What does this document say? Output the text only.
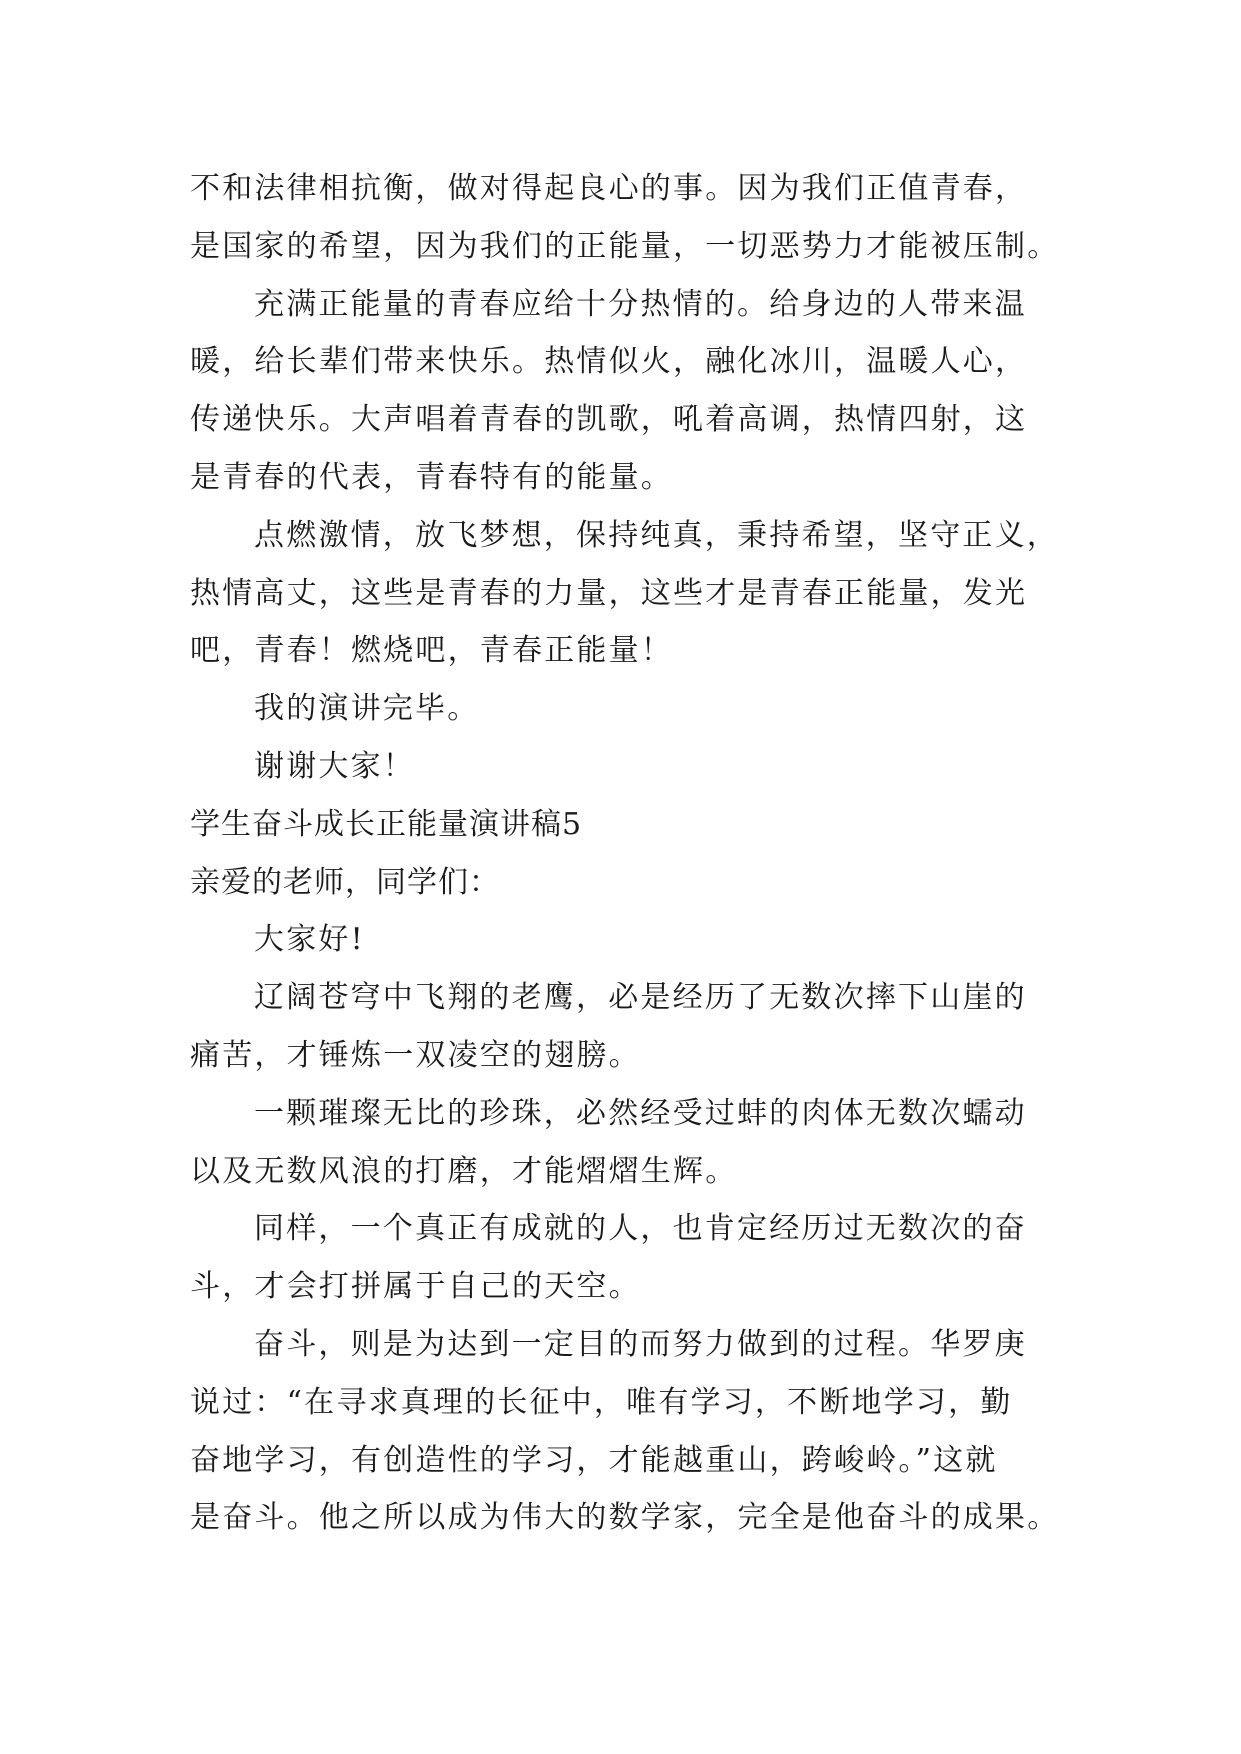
不和法律相抗衡，做对得起良心的事。因为我们正值青春，
是国家的希望，因为我们的正能量，一切恶势力才能被压制。
充满正能量的青春应给十分热情的。给身边的人带来温
暖，给长辈们带来快乐。热情似火，融化冰川，温暖人心，
传递快乐。大声唱着青春的凯歌，吼着高调，热情四射，这
是青春的代表，青春特有的能量。
点燃激情，放飞梦想，保持纯真，秉持希望，坚守正义，
热情高丈，这些是青春的力量，这些才是青春正能量，发光
吧，青春！燃烧吧，青春正能量！
我的演讲完毕。
谢谢大家！
学生奋斗成长正能量演讲稿5
亲爱的老师，同学们：
大家好!
辽阔苍穹中飞翔的老鹰，必是经历了无数次摔下山崖的
痛苦，才锤炼一双凌空的翅膀。
一颗璀璨无比的珍珠，必然经受过蚌的肉体无数次蠕动
以及无数风浪的打磨，才能熠熠生辉。
同样，一个真正有成就的人，也肯定经历过无数次的奋
斗，才会打拼属于自己的天空。
奋斗，则是为达到一定目的而努力做到的过程。华罗庚
说过：“在寻求真理的长征中，唯有学习，不断地学习，勤
奋地学习，有创造性的学习，才能越重山，跨峻岭。”这就
是奋斗。他之所以成为伟大的数学家，完全是他奋斗的成果。
